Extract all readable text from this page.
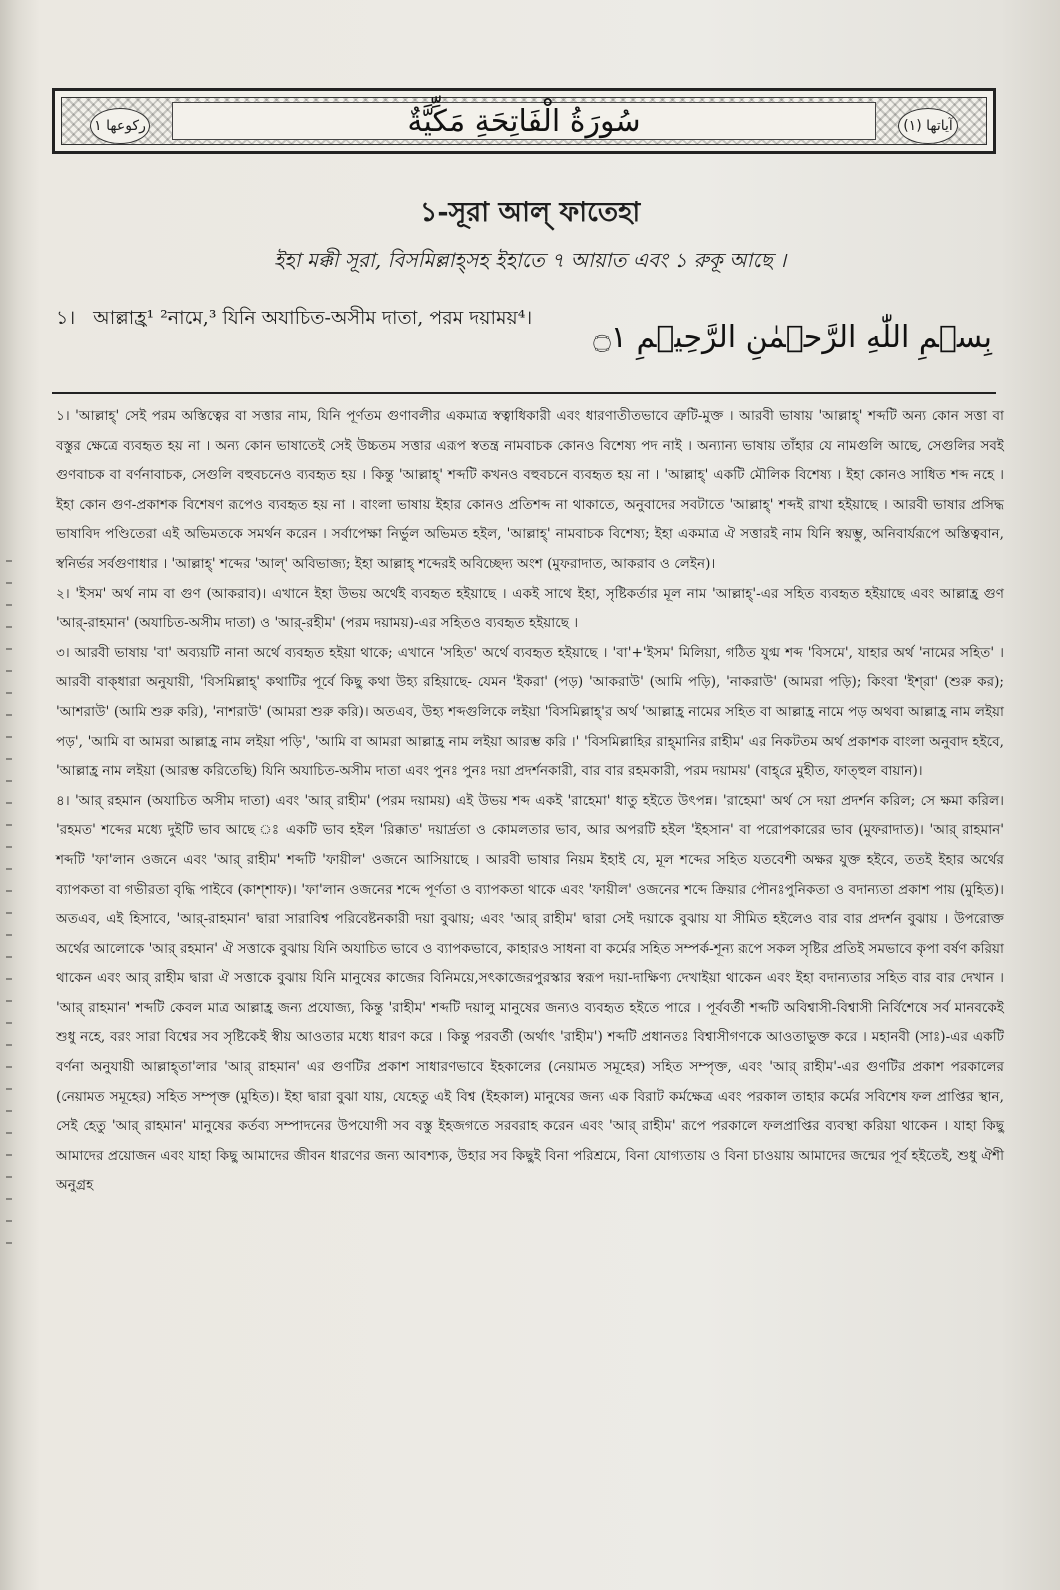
رکوعها ١	سُورَةُ الْفَاتِحَةِ مَكِّيَّةٌ	آياتها (١)
১-সূরা আল্ ফাতেহা
ইহা মক্কী সূরা, বিসমিল্লাহ্সহ ইহাতে ৭ আয়াত এবং ১ রুকূ আছে ।
১। আল্লাহ্র¹ ²নামে,³ যিনি অযাচিত-অসীম দাতা, পরম দয়াময়⁴।
بِسۡمِ اللّٰهِ الرَّحۡمٰنِ الرَّحِيۡمِ ۝١

১। 'আল্লাহ্' সেই পরম অস্তিত্বের বা সত্তার নাম, যিনি পূর্ণতম গুণাবলীর একমাত্র স্বত্বাধিকারী এবং ধারণাতীতভাবে ত্রুটি-মুক্ত । আরবী ভাষায় 'আল্লাহ্' শব্দটি অন্য কোন সত্তা বা বস্তুর ক্ষেত্রে ব্যবহৃত হয় না । অন্য কোন ভাষাতেই সেই উচ্চতম সত্তার এরূপ স্বতন্ত্র নামবাচক কোনও বিশেষ্য পদ নাই । অন্যান্য ভাষায় তাঁহার যে নামগুলি আছে, সেগুলির সবই গুণবাচক বা বর্ণনাবাচক, সেগুলি বহুবচনেও ব্যবহৃত হয় । কিন্তু 'আল্লাহ্' শব্দটি কখনও বহুবচনে ব্যবহৃত হয় না । 'আল্লাহ্' একটি মৌলিক বিশেষ্য । ইহা কোনও সাধিত শব্দ নহে । ইহা কোন গুণ-প্রকাশক বিশেষণ রূপেও ব্যবহৃত হয় না । বাংলা ভাষায় ইহার কোনও প্রতিশব্দ না থাকাতে, অনুবাদের সবটাতে 'আল্লাহ্' শব্দই রাখা হইয়াছে । আরবী ভাষার প্রসিদ্ধ ভাষাবিদ পণ্ডিতেরা এই অভিমতকে সমর্থন করেন । সর্বাপেক্ষা নির্ভুল অভিমত হইল, 'আল্লাহ্' নামবাচক বিশেষ্য; ইহা একমাত্র ঐ সত্তারই নাম যিনি স্বয়ম্ভু, অনিবার্যরূপে অস্তিত্ববান, স্বনির্ভর সর্বগুণাধার । 'আল্লাহ্' শব্দের 'আল্' অবিভাজ্য; ইহা আল্লাহ্ শব্দেরই অবিচ্ছেদ্য অংশ (মুফরাদাত, আকরাব ও লেইন)।

২। 'ইসম' অর্থ নাম বা গুণ (আকরাব)। এখানে ইহা উভয় অর্থেই ব্যবহৃত হইয়াছে । একই সাথে ইহা, সৃষ্টিকর্তার মূল নাম 'আল্লাহ্'-এর সহিত ব্যবহৃত হইয়াছে এবং আল্লাহ্র গুণ 'আর্-রাহমান' (অযাচিত-অসীম দাতা) ও 'আর্-রহীম' (পরম দয়াময়)-এর সহিতও ব্যবহৃত হইয়াছে ।

৩। আরবী ভাষায় 'বা' অব্যয়টি নানা অর্থে ব্যবহৃত হইয়া থাকে; এখানে 'সহিত' অর্থে ব্যবহৃত হইয়াছে । 'বা'+'ইসম' মিলিয়া, গঠিত যুগ্ম শব্দ 'বিসমে', যাহার অর্থ 'নামের সহিত' । আরবী বাক্‌ধারা অনুযায়ী, 'বিসমিল্লাহ্' কথাটির পূর্বে কিছু কথা উহ্য রহিয়াছে- যেমন 'ইকরা' (পড়) 'আকরাউ' (আমি পড়ি), 'নাকরাউ' (আমরা পড়ি); কিংবা 'ইশ্‌রা' (শুরু কর); 'আশরাউ' (আমি শুরু করি), 'নাশরাউ' (আমরা শুরু করি)। অতএব, উহ্য শব্দগুলিকে লইয়া 'বিসমিল্লাহ্'র অর্থ 'আল্লাহ্র নামের সহিত বা আল্লাহ্র নামে পড় অথবা আল্লাহ্র নাম লইয়া পড়', 'আমি বা আমরা আল্লাহ্র নাম লইয়া পড়ি', 'আমি বা আমরা আল্লাহ্র নাম লইয়া আরম্ভ করি ।' 'বিসমিল্লাহির রাহ্‌মানির রাহীম' এর নিকটতম অর্থ প্রকাশক বাংলা অনুবাদ হইবে, 'আল্লাহ্র নাম লইয়া (আরম্ভ করিতেছি) যিনি অযাচিত-অসীম দাতা এবং পুনঃ পুনঃ দয়া প্রদর্শনকারী, বার বার রহমকারী, পরম দয়াময়' (বাহ্‌রে মুহীত, ফাত্‌হুল বায়ান)।

৪। 'আর্ রহমান (অযাচিত অসীম দাতা) এবং 'আর্ রাহীম' (পরম দয়াময়) এই উভয় শব্দ একই 'রাহেমা' ধাতু হইতে উৎপন্ন। 'রাহেমা' অর্থ সে দয়া প্রদর্শন করিল; সে ক্ষমা করিল। 'রহমত' শব্দের মধ্যে দুইটি ভাব আছে ঃ একটি ভাব হইল 'রিক্কাত' দয়ার্দ্রতা ও কোমলতার ভাব, আর অপরটি হইল 'ইহসান' বা পরোপকারের ভাব (মুফরাদাত)। 'আর্ রাহমান' শব্দটি 'ফা'লান ওজনে এবং 'আর্ রাহীম' শব্দটি 'ফায়ীল' ওজনে আসিয়াছে । আরবী ভাষার নিয়ম ইহাই যে, মূল শব্দের সহিত যতবেশী অক্ষর যুক্ত হইবে, ততই ইহার অর্থের ব্যাপকতা বা গভীরতা বৃদ্ধি পাইবে (কাশ্‌শাফ)। 'ফা'লান ওজনের শব্দে পূর্ণতা ও ব্যাপকতা থাকে এবং 'ফায়ীল' ওজনের শব্দে ক্রিয়ার পৌনঃপুনিকতা ও বদান্যতা প্রকাশ পায় (মুহিত)। অতএব, এই হিসাবে, 'আর্-রাহমান' দ্বারা সারাবিশ্ব পরিবেষ্টনকারী দয়া বুঝায়; এবং 'আর্ রাহীম' দ্বারা সেই দয়াকে বুঝায় যা সীমিত হইলেও বার বার প্রদর্শন বুঝায় । উপরোক্ত অর্থের আলোকে 'আর্ রহমান' ঐ সত্তাকে বুঝায় যিনি অযাচিত ভাবে ও ব্যাপকভাবে, কাহারও সাধনা বা কর্মের সহিত সম্পর্ক-শূন্য রূপে সকল সৃষ্টির প্রতিই সমভাবে কৃপা বর্ষণ করিয়া থাকেন এবং আর্ রাহীম দ্বারা ঐ সত্তাকে বুঝায় যিনি মানুষের কাজের বিনিময়ে,সৎকাজেরপুরস্কার স্বরূপ দয়া-দাক্ষিণ্য দেখাইয়া থাকেন এবং ইহা বদান্যতার সহিত বার বার দেখান । 'আর্ রাহমান' শব্দটি কেবল মাত্র আল্লাহ্র জন্য প্রযোজ্য, কিন্তু 'রাহীম' শব্দটি দয়ালু মানুষের জন্যও ব্যবহৃত হইতে পারে । পূর্ববর্তী শব্দটি অবিশ্বাসী-বিশ্বাসী নির্বিশেষে সর্ব মানবকেই শুধু নহে, বরং সারা বিশ্বের সব সৃষ্টিকেই স্বীয় আওতার মধ্যে ধারণ করে । কিন্তু পরবর্তী (অর্থাৎ 'রাহীম') শব্দটি প্রধানতঃ বিশ্বাসীগণকে আওতাভুক্ত করে । মহানবী (সাঃ)-এর একটি বর্ণনা অনুযায়ী আল্লাহ্‌তা'লার 'আর্ রাহমান' এর গুণটির প্রকাশ সাধারণভাবে ইহকালের (নেয়ামত সমূহের) সহিত সম্পৃক্ত, এবং 'আর্ রাহীম'-এর গুণটির প্রকাশ পরকালের (নেয়ামত সমূহের) সহিত সম্পৃক্ত (মুহিত)। ইহা দ্বারা বুঝা যায়, যেহেতু এই বিশ্ব (ইহকাল) মানুষের জন্য এক বিরাট কর্মক্ষেত্র এবং পরকাল তাহার কর্মের সবিশেষ ফল প্রাপ্তির স্থান, সেই হেতু 'আর্ রাহমান' মানুষের কর্তব্য সম্পাদনের উপযোগী সব বস্তু ইহজগতে সরবরাহ করেন এবং 'আর্ রাহীম' রূপে পরকালে ফলপ্রাপ্তির ব্যবস্থা করিয়া থাকেন । যাহা কিছু আমাদের প্রয়োজন এবং যাহা কিছু আমাদের জীবন ধারণের জন্য আবশ্যক, উহার সব কিছুই বিনা পরিশ্রমে, বিনা যোগ্যতায় ও বিনা চাওয়ায় আমাদের জন্মের পূর্ব হইতেই, শুধু ঐশী অনুগ্রহ
